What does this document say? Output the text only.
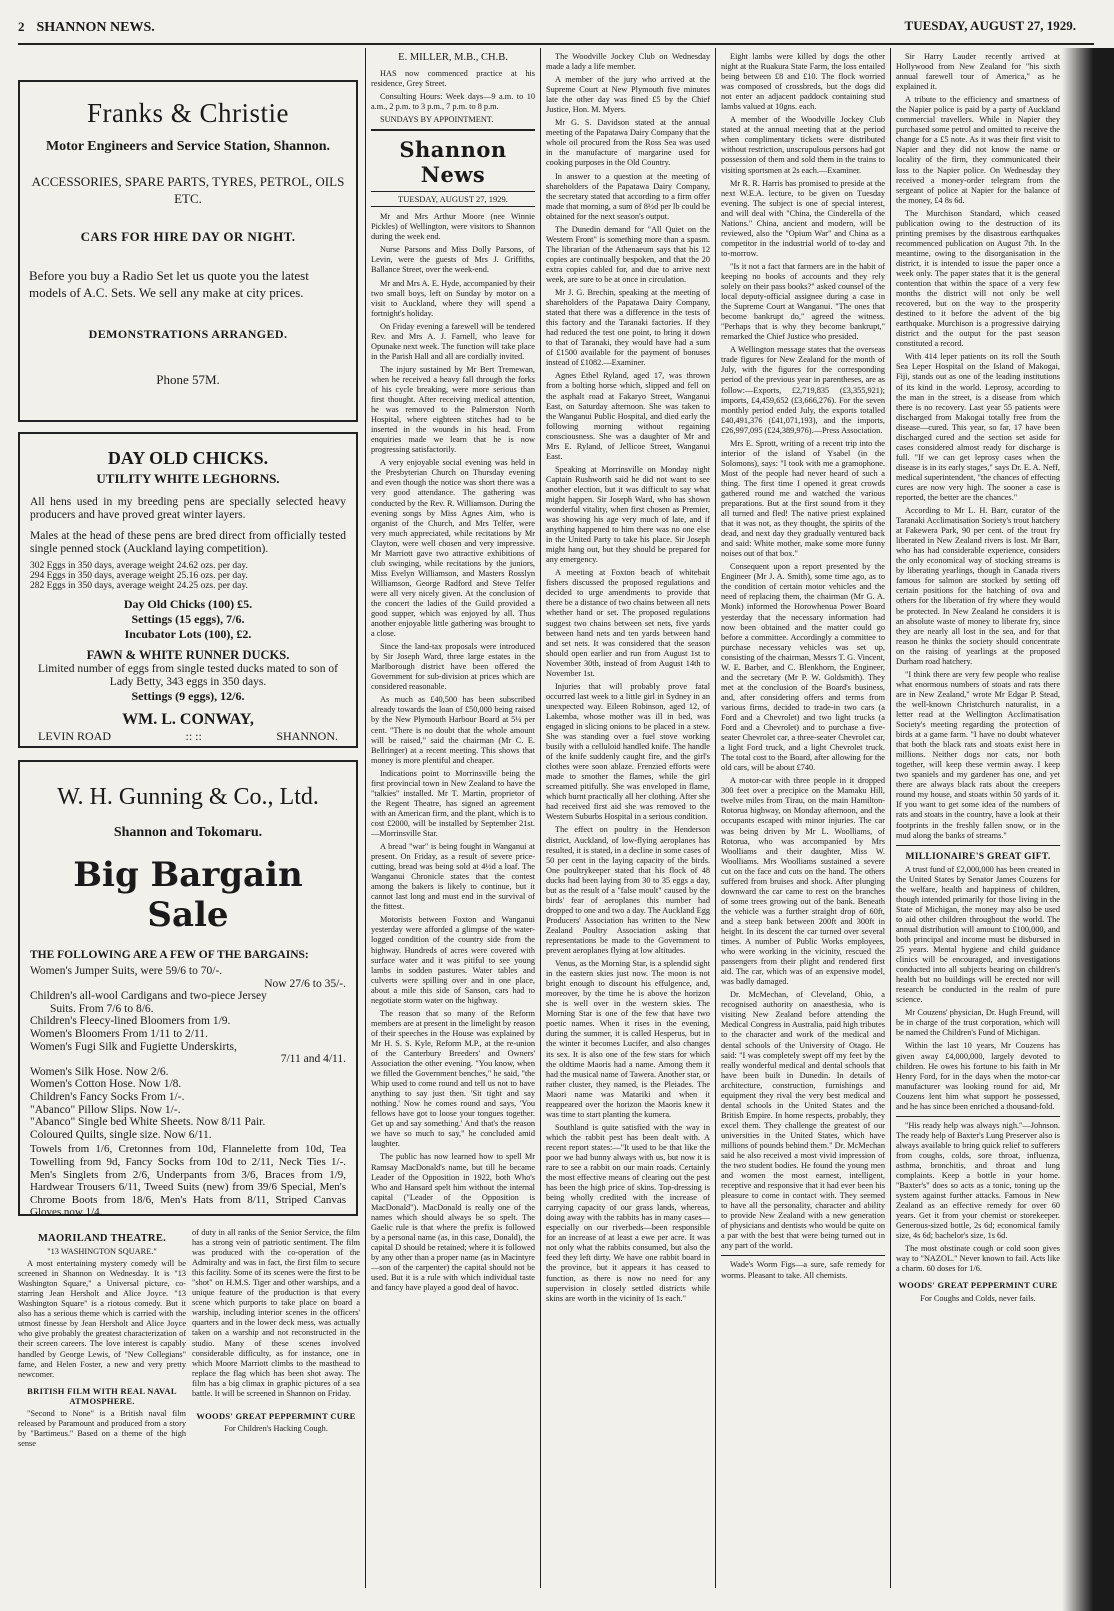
2 SHANNON NEWS.	TUESDAY, AUGUST 27, 1929.
Franks & Christie
Motor Engineers and Service Station, Shannon.
ACCESSORIES, SPARE PARTS, TYRES, PETROL, OILS ETC.
CARS FOR HIRE DAY OR NIGHT.
Before you buy a Radio Set let us quote you the latest models of A.C. Sets. We sell any make at city prices.
DEMONSTRATIONS ARRANGED.
Phone 57M.
DAY OLD CHICKS.
UTILITY WHITE LEGHORNS.
All hens used in my breeding pens are specially selected heavy producers and have proved great winter layers.
Males at the head of these pens are bred direct from officially tested single penned stock (Auckland laying competition).
302 Eggs in 350 days, average weight 24.62 ozs. per day.
294 Eggs in 350 days, average weight 25.16 ozs. per day.
282 Eggs in 350 days, average weight 24.25 ozs. per day.
Day Old Chicks (100) £5.
Settings (15 eggs), 7/6.
Incubator Lots (100), £2.
FAWN & WHITE RUNNER DUCKS.
Limited number of eggs from single tested ducks mated to son of Lady Betty, 343 eggs in 350 days.
Settings (9 eggs), 12/6.
WM. L. CONWAY,
LEVIN ROAD	:: ::	SHANNON.
W. H. Gunning & Co., Ltd.
Shannon and Tokomaru.
Big Bargain Sale
THE FOLLOWING ARE A FEW OF THE BARGAINS:
Women's Jumper Suits, were 59/6 to 70/-.
Now 27/6 to 35/-.
Children's all-wool Cardigans and two-piece Jersey
Suits. From 7/6 to 8/6.
Children's Fleecy-lined Bloomers from 1/9.
Women's Bloomers From 1/11 to 2/11.
Women's Fugi Silk and Fugiette Underskirts,
7/11 and 4/11.
Women's Silk Hose. Now 2/6.
Women's Cotton Hose. Now 1/8.
Children's Fancy Socks From 1/-.
"Abanco" Pillow Slips. Now 1/-.
"Abanco" Single bed White Sheets. Now 8/11 Pair.
Coloured Quilts, single size. Now 6/11.
Towels from 1/6, Cretonnes from 10d, Flannelette from 10d, Tea Towelling from 9d, Fancy Socks from 10d to 2/11, Neck Ties 1/-. Men's Singlets from 2/6, Underpants from 3/6, Braces from 1/9, Hardwear Trousers 6/11, Tweed Suits (new) from 39/6 Special, Men's Chrome Boots from 18/6, Men's Hats from 8/11, Striped Canvas Gloves now 1/4.

MAORILAND THEATRE.

"13 WASHINGTON SQUARE."

A most entertaining mystery comedy will be screened in Shannon on Wednesday. It is "13 Washington Square," a Universal picture, co-starring Jean Hersholt and Alice Joyce. "13 Washington Square" is a riotous comedy. But it also has a serious theme which is carried with the utmost finesse by Jean Hersholt and Alice Joyce who give probably the greatest characterization of their screen careers. The love interest is capably handled by George Lewis, of "New Collegians" fame, and Helen Foster, a new and very pretty newcomer.

BRITISH FILM WITH REAL NAVAL ATMOSPHERE.

"Second to None" is a British naval film released by Paramount and produced from a story by "Bartimeus." Based on a theme of the high sense

of duty in all ranks of the Senior Service, the film has a strong vein of patriotic sentiment. The film was produced with the co-operation of the Admiralty and was in fact, the first film to secure this facility. Some of its scenes were the first to be "shot" on H.M.S. Tiger and other warships, and a unique feature of the production is that every scene which purports to take place on board a warship, including interior scenes in the officers' quarters and in the lower deck mess, was actually taken on a warship and not reconstructed in the studio. Many of these scenes involved considerable difficulty, as for instance, one in which Moore Marriott climbs to the masthead to replace the flag which has been shot away. The film has a big climax in graphic pictures of a sea battle. It will be screened in Shannon on Friday.

WOODS' GREAT PEPPERMINT CURE

For Children's Hacking Cough.

E. MILLER, M.B., CH.B.

HAS now commenced practice at his residence, Grey Street.

Consulting Hours: Week days—9 a.m. to 10 a.m., 2 p.m. to 3 p.m., 7 p.m. to 8 p.m.

SUNDAYS BY APPOINTMENT.

Shannon News
TUESDAY, AUGUST 27, 1929.

Mr and Mrs Arthur Moore (nee Winnie Pickles) of Wellington, were visitors to Shannon during the week end.

Nurse Parsons and Miss Dolly Parsons, of Levin, were the guests of Mrs J. Griffiths, Ballance Street, over the week-end.

Mr and Mrs A. E. Hyde, accompanied by their two small boys, left on Sunday by motor on a visit to Auckland, where they will spend a fortnight's holiday.

On Friday evening a farewell will be tendered Rev. and Mrs A. J. Farnell, who leave for Opunake next week. The function will take place in the Parish Hall and all are cordially invited.

The injury sustained by Mr Bert Tremewan, when he received a heavy fall through the forks of his cycle breaking, were more serious than first thought. After receiving medical attention, he was removed to the Palmerston North Hospital, where eighteen stitches had to be inserted in the wounds in his head. From enquiries made we learn that he is now progressing satisfactorily.

A very enjoyable social evening was held in the Presbyterian Church on Thursday evening and even though the notice was short there was a very good attendance. The gathering was conducted by the Rev. R. Williamson. During the evening songs by Miss Agnes Aim, who is organist of the Church, and Mrs Telfer, were very much appreciated, while recitations by Mr Clayton, were well chosen and very impressive. Mr Marriott gave two attractive exhibitions of club swinging, while recitations by the juniors, Miss Evelyn Williamson, and Masters Rosslyn Williamson, George Radford and Steve Telfer were all very nicely given. At the conclusion of the concert the ladies of the Guild provided a good supper, which was enjoyed by all. Thus another enjoyable little gathering was brought to a close.

Since the land-tax proposals were introduced by Sir Joseph Ward, three large estates in the Marlborough district have been offered the Government for sub-division at prices which are considered reasonable.

As much as £40,500 has been subscribed already towards the loan of £50,000 being raised by the New Plymouth Harbour Board at 5¼ per cent. "There is no doubt that the whole amount will be raised," said the chairman (Mr C. E. Bellringer) at a recent meeting. This shows that money is more plentiful and cheaper.

Indications point to Morrinsville being the first provincial town in New Zealand to have the "talkies" installed. Mr T. Martin, proprietor of the Regent Theatre, has signed an agreement with an American firm, and the plant, which is to cost £2000, will be installed by September 21st.—Morrinsville Star.

A bread "war" is being fought in Wanganui at present. On Friday, as a result of severe price-cutting, bread was being sold at 4½d a loaf. The Wanganui Chronicle states that the contest among the bakers is likely to continue, but it cannot last long and must end in the survival of the fittest.

Motorists between Foxton and Wanganui yesterday were afforded a glimpse of the water-logged condition of the country side from the highway. Hundreds of acres were covered with surface water and it was pitiful to see young lambs in sodden pastures. Water tables and culverts were spilling over and in one place, about a mile this side of Sanson, cars had to negotiate storm water on the highway.

The reason that so many of the Reform members are at present in the limelight by reason of their speeches in the House was explained by Mr H. S. S. Kyle, Reform M.P., at the re-union of the Canterbury Breeders' and Owners' Association the other evening. "You know, when we filled the Government benches," he said, "the Whip used to come round and tell us not to have anything to say just then. 'Sit tight and say nothing.' Now he comes round and says, 'You fellows have got to loose your tongues together. Get up and say something.' And that's the reason we have so much to say," he concluded amid laughter.

The public has now learned how to spell Mr Ramsay MacDonald's name, but till he became Leader of the Opposition in 1922, both Who's Who and Hansard spelt him without the internal capital ("Leader of the Opposition is MacDonald"). MacDonald is really one of the names which should always be so spelt. The Gaelic rule is that where the prefix is followed by a personal name (as, in this case, Donald), the capital D should be retained; where it is followed by any other than a proper name (as in Macintyre—son of the carpenter) the capital should not be used. But it is a rule with which individual taste and fancy have played a good deal of havoc.

The Woodville Jockey Club on Wednesday made a lady a life member.

A member of the jury who arrived at the Supreme Court at New Plymouth five minutes late the other day was fined £5 by the Chief Justice, Hon. M. Myers.

Mr G. S. Davidson stated at the annual meeting of the Papatawa Dairy Company that the whole oil procured from the Ross Sea was used in the manufacture of margarine used for cooking purposes in the Old Country.

In answer to a question at the meeting of shareholders of the Papatawa Dairy Company, the secretary stated that according to a firm offer made that morning, a sum of 8½d per lb could be obtained for the next season's output.

The Dunedin demand for "All Quiet on the Western Front" is something more than a spasm. The librarian of the Athenaeum says that his 12 copies are continually bespoken, and that the 20 extra copies cabled for, and due to arrive next week, are sure to be at once in circulation.

Mr J. G. Brechin, speaking at the meeting of shareholders of the Papatawa Dairy Company, stated that there was a difference in the tests of this factory and the Taranaki factories. If they had reduced the test one point, to bring it down to that of Taranaki, they would have had a sum of £1500 available for the payment of bonuses instead of £1082.—Examiner.

Agnes Ethel Ryland, aged 17, was thrown from a bolting horse which, slipped and fell on the asphalt road at Fakaryo Street, Wanganui East, on Saturday afternoon. She was taken to the Wanganui Public Hospital, and died early the following morning without regaining consciousness. She was a daughter of Mr and Mrs E. Ryland, of Jellicoe Street, Wanganui East.

Speaking at Morrinsville on Monday night Captain Rushworth said he did not want to see another election, but it was difficult to say what might happen. Sir Joseph Ward, who has shown wonderful vitality, when first chosen as Premier, was showing his age very much of late, and if anything happened to him there was no one else in the United Party to take his place. Sir Joseph might hang out, but they should be prepared for any emergency.

A meeting at Foxton beach of whitebait fishers discussed the proposed regulations and decided to urge amendments to provide that there be a distance of two chains between all nets whether hand or set. The proposed regulations suggest two chains between set nets, five yards between hand nets and ten yards between hand and set nets. It was considered that the season should open earlier and run from August 1st to November 30th, instead of from August 14th to November 1st.

Injuries that will probably prove fatal occurred last week to a little girl in Sydney in an unexpected way. Eileen Robinson, aged 12, of Lakemba, whose mother was ill in bed, was engaged in slicing onions to be placed in a stew. She was standing over a fuel stove working busily with a celluloid handled knife. The handle of the knife suddenly caught fire, and the girl's clothes were soon ablaze. Frenzied efforts were made to smother the flames, while the girl screamed pitifully. She was enveloped in flame, which burnt practically all her clothing. After she had received first aid she was removed to the Western Suburbs Hospital in a serious condition.

The effect on poultry in the Henderson district, Auckland, of low-flying aeroplanes has resulted, it is stated, in a decline in some cases of 50 per cent in the laying capacity of the birds. One poultrykeeper stated that his flock of 48 ducks had been laying from 30 to 35 eggs a day, but as the result of a "false moult" caused by the birds' fear of aeroplanes this number had dropped to one and two a day. The Auckland Egg Producers' Association has written to the New Zealand Poultry Association asking that representations be made to the Government to prevent aeroplanes flying at low altitudes.

Venus, as the Morning Star, is a splendid sight in the eastern skies just now. The moon is not bright enough to discount his effulgence, and, moreover, by the time he is above the horizon she is well over in the western skies. The Morning Star is one of the few that have two poetic names. When it rises in the evening, during the summer, it is called Hesperus, but in the winter it becomes Lucifer, and also changes its sex. It is also one of the few stars for which the oldtime Maoris had a name. Among them it had the musical name of Tawera. Another star, or rather cluster, they named, is the Pleiades. The Maori name was Matariki and when it reappeared over the horizon the Maoris knew it was time to start planting the kumera.

Southland is quite satisfied with the way in which the rabbit pest has been dealt with. A recent report states:—"It used to be that like the poor we had bunny always with us, but now it is rare to see a rabbit on our main roads. Certainly the most effective means of clearing out the pest has been the high price of skins. Top-dressing is being wholly credited with the increase of carrying capacity of our grass lands, whereas, doing away with the rabbits has in many cases—especially on our riverbeds—been responsible for an increase of at least a ewe per acre. It was not only what the rabbits consumed, but also the feed they left dirty. We have one rabbit board in the province, but it appears it has ceased to function, as there is now no need for any supervision in closely settled districts while skins are worth in the vicinity of 1s each."

Eight lambs were killed by dogs the other night at the Ruakura State Farm, the loss entailed being between £8 and £10. The flock worried was composed of crossbreds, but the dogs did not enter an adjacent paddock containing stud lambs valued at 10gns. each.

A member of the Woodville Jockey Club stated at the annual meeting that at the period when complimentary tickets were distributed without restriction, unscrupulous persons had got possession of them and sold them in the trains to visiting sportsmen at 2s each.—Examiner.

Mr R. R. Harris has promised to preside at the next W.E.A. lecture, to be given on Tuesday evening. The subject is one of special interest, and will deal with "China, the Cinderella of the Nations." China, ancient and modern, will be reviewed, also the "Opium War" and China as a competitor in the industrial world of to-day and to-morrow.

"Is it not a fact that farmers are in the habit of keeping no books of accounts and they rely solely on their pass books?" asked counsel of the local deputy-official assignee during a case in the Supreme Court at Wanganui. "The ones that become bankrupt do," agreed the witness. "Perhaps that is why they become bankrupt," remarked the Chief Justice who presided.

A Wellington message states that the overseas trade figures for New Zealand for the month of July, with the figures for the corresponding period of the previous year in parentheses, are as follow:—Exports, £2,719,835 (£3,355,921); imports, £4,459,652 (£3,666,276). For the seven monthly period ended July, the exports totalled £40,491,376 (£41,071,193), and the imports, £26,997,095 (£24,389,976).—Press Association.

Mrs E. Sprott, writing of a recent trip into the interior of the island of Ysabel (in the Solomons), says: "I took with me a gramophone. Most of the people had never heard of such a thing. The first time I opened it great crowds gathered round me and watched the various preparations. But at the first sound from it they all turned and fled! The native priest explained that it was not, as they thought, the spirits of the dead, and next day they gradually ventured back and said: White mother, make some more funny noises out of that box."

Consequent upon a report presented by the Engineer (Mr J. A. Smith), some time ago, as to the condition of certain motor vehicles and the need of replacing them, the chairman (Mr G. A. Monk) informed the Horowhenua Power Board yesterday that the necessary information had now been obtained and the matter could go before a committee. Accordingly a committee to purchase necessary vehicles was set up, consisting of the chairman, Messrs T. G. Vincent, W. E. Barber, and C. Blenkhorn, the Engineer, and the secretary (Mr P. W. Goldsmith). They met at the conclusion of the Board's business, and, after considering offers and terms from various firms, decided to trade-in two cars (a Ford and a Chevrolet) and two light trucks (a Ford and a Chevrolet) and to purchase a five-seater Chevrolet car, a three-seater Chevrolet car, a light Ford truck, and a light Chevrolet truck. The total cost to the Board, after allowing for the old cars, will be about £740.

A motor-car with three people in it dropped 300 feet over a precipice on the Mamaku Hill, twelve miles from Tirau, on the main Hamilton-Rotorua highway, on Monday afternoon, and the occupants escaped with minor injuries. The car was being driven by Mr L. Woolliams, of Rotorua, who was accompanied by Mrs Woolliams and their daughter, Miss W. Woolliams. Mrs Woolliams sustained a severe cut on the face and cuts on the hand. The others suffered from bruises and shock. After plunging downward the car came to rest on the branches of some trees growing out of the bank. Beneath the vehicle was a further straight drop of 60ft, and a steep bank between 200ft and 300ft in height. In its descent the car turned over several times. A number of Public Works employees, who were working in the vicinity, rescued the passengers from their plight and rendered first aid. The car, which was of an expensive model, was badly damaged.

Dr. McMechan, of Cleveland, Ohio, a recognised authority on anaesthesia, who is visiting New Zealand before attending the Medical Congress in Australia, paid high tributes to the character and work of the medical and dental schools of the University of Otago. He said: "I was completely swept off my feet by the really wonderful medical and dental schools that have been built in Dunedin. In details of architecture, construction, furnishings and equipment they rival the very best medical and dental schools in the United States and the British Empire. In home respects, probably, they excel them. They challenge the greatest of our universities in the United States, which have millions of pounds behind them." Dr. McMechan said he also received a most vivid impression of the two student bodies. He found the young men and women the most earnest, intelligent, receptive and responsive that it had ever been his pleasure to come in contact with. They seemed to have all the personality, character and ability to provide New Zealand with a new generation of physicians and dentists who would be quite on a par with the best that were being turned out in any part of the world.

Wade's Worm Figs—a sure, safe remedy for worms. Pleasant to take. All chemists.

Sir Harry Lauder recently arrived at Hollywood from New Zealand for "his sixth annual farewell tour of America," as he explained it.

A tribute to the efficiency and smartness of the Napier police is paid by a party of Auckland commercial travellers. While in Napier they purchased some petrol and omitted to receive the change for a £5 note. As it was their first visit to Napier and they did not know the name or locality of the firm, they communicated their loss to the Napier police. On Wednesday they received a money-order telegram from the sergeant of police at Napier for the balance of the money, £4 8s 6d.

The Murchison Standard, which ceased publication owing to the destruction of its printing premises by the disastrous earthquakes recommenced publication on August 7th. In the meantime, owing to the disorganisation in the district, it is intended to issue the paper once a week only. The paper states that it is the general contention that within the space of a very few months the district will not only be well recovered, but on the way to the prosperity destined to it before the advent of the big earthquake. Murchison is a progressive dairying district and the output for the past season constituted a record.

With 414 leper patients on its roll the South Sea Leper Hospital on the Island of Makogai, Fiji, stands out as one of the leading institutions of its kind in the world. Leprosy, according to the man in the street, is a disease from which there is no recovery. Last year 55 patients were discharged from Makogai totally free from the disease—cured. This year, so far, 17 have been discharged cured and the section set aside for cases considered almost ready for discharge is full. "If we can get leprosy cases when the disease is in its early stages," says Dr. E. A. Neff, medical superintendent, "the chances of effecting cures are now very high. The sooner a case is reported, the better are the chances."

According to Mr L. H. Barr, curator of the Taranaki Acclimatisation Society's trout hatchery at Fakewera Park, 90 per cent. of the trout fry liberated in New Zealand rivers is lost. Mr Barr, who has had considerable experience, considers the only economical way of stocking streams is by liberating yearlings, though in Canada rivers famous for salmon are stocked by setting off certain positions for the hatching of ova and others for the liberation of fry where they would be protected. In New Zealand he considers it is an absolute waste of money to liberate fry, since they are nearly all lost in the sea, and for that reason he thinks the society should concentrate on the raising of yearlings at the proposed Durham road hatchery.

"I think there are very few people who realise what enormous numbers of stoats and rats there are in New Zealand," wrote Mr Edgar P. Stead, the well-known Christchurch naturalist, in a letter read at the Wellington Acclimatisation Society's meeting regarding the protection of birds at a game farm. "I have no doubt whatever that both the black rats and stoats exist here in millions. Neither dogs nor cats, nor both together, will keep these vermin away. I keep two spaniels and my gardener has one, and yet there are always black rats about the creepers round my house, and stoats within 50 yards of it. If you want to get some idea of the numbers of rats and stoats in the country, have a look at their footprints in the freshly fallen snow, or in the mud along the banks of streams."

MILLIONAIRE'S GREAT GIFT.

A trust fund of £2,000,000 has been created in the United States by Senator James Couzens for the welfare, health and happiness of children, though intended primarily for those living in the State of Michigan, the money may also be used to aid other children throughout the world. The annual distribution will amount to £100,000, and both principal and income must be disbursed in 25 years. Mental hygiene and child guidance clinics will be encouraged, and investigations conducted into all subjects bearing on children's health but no buildings will be erected nor will research be conducted in the realm of pure science.

Mr Couzens' physician, Dr. Hugh Freund, will be in charge of the trust corporation, which will be named the Children's Fund of Michigan.

Within the last 10 years, Mr Couzens has given away £4,000,000, largely devoted to children. He owes his fortune to his faith in Mr Henry Ford, for in the days when the motor-car manufacturer was looking round for aid, Mr Couzens lent him what support he possessed, and he has since been enriched a thousand-fold.

"His ready help was always nigh."—Johnson. The ready help of Baxter's Lung Preserver also is always available to bring quick relief to sufferers from coughs, colds, sore throat, influenza, asthma, bronchitis, and throat and lung complaints. Keep a bottle in your home. "Baxter's" does so acts as a tonic, toning up the system against further attacks. Famous in New Zealand as an effective remedy for over 60 years. Get it from your chemist or storekeeper. Generous-sized bottle, 2s 6d; economical family size, 4s 6d; bachelor's size, 1s 6d.

The most obstinate cough or cold soon gives way to "NAZOL." Never known to fail. Acts like a charm. 60 doses for 1/6.

WOODS' GREAT PEPPERMINT CURE

For Coughs and Colds, never fails.
